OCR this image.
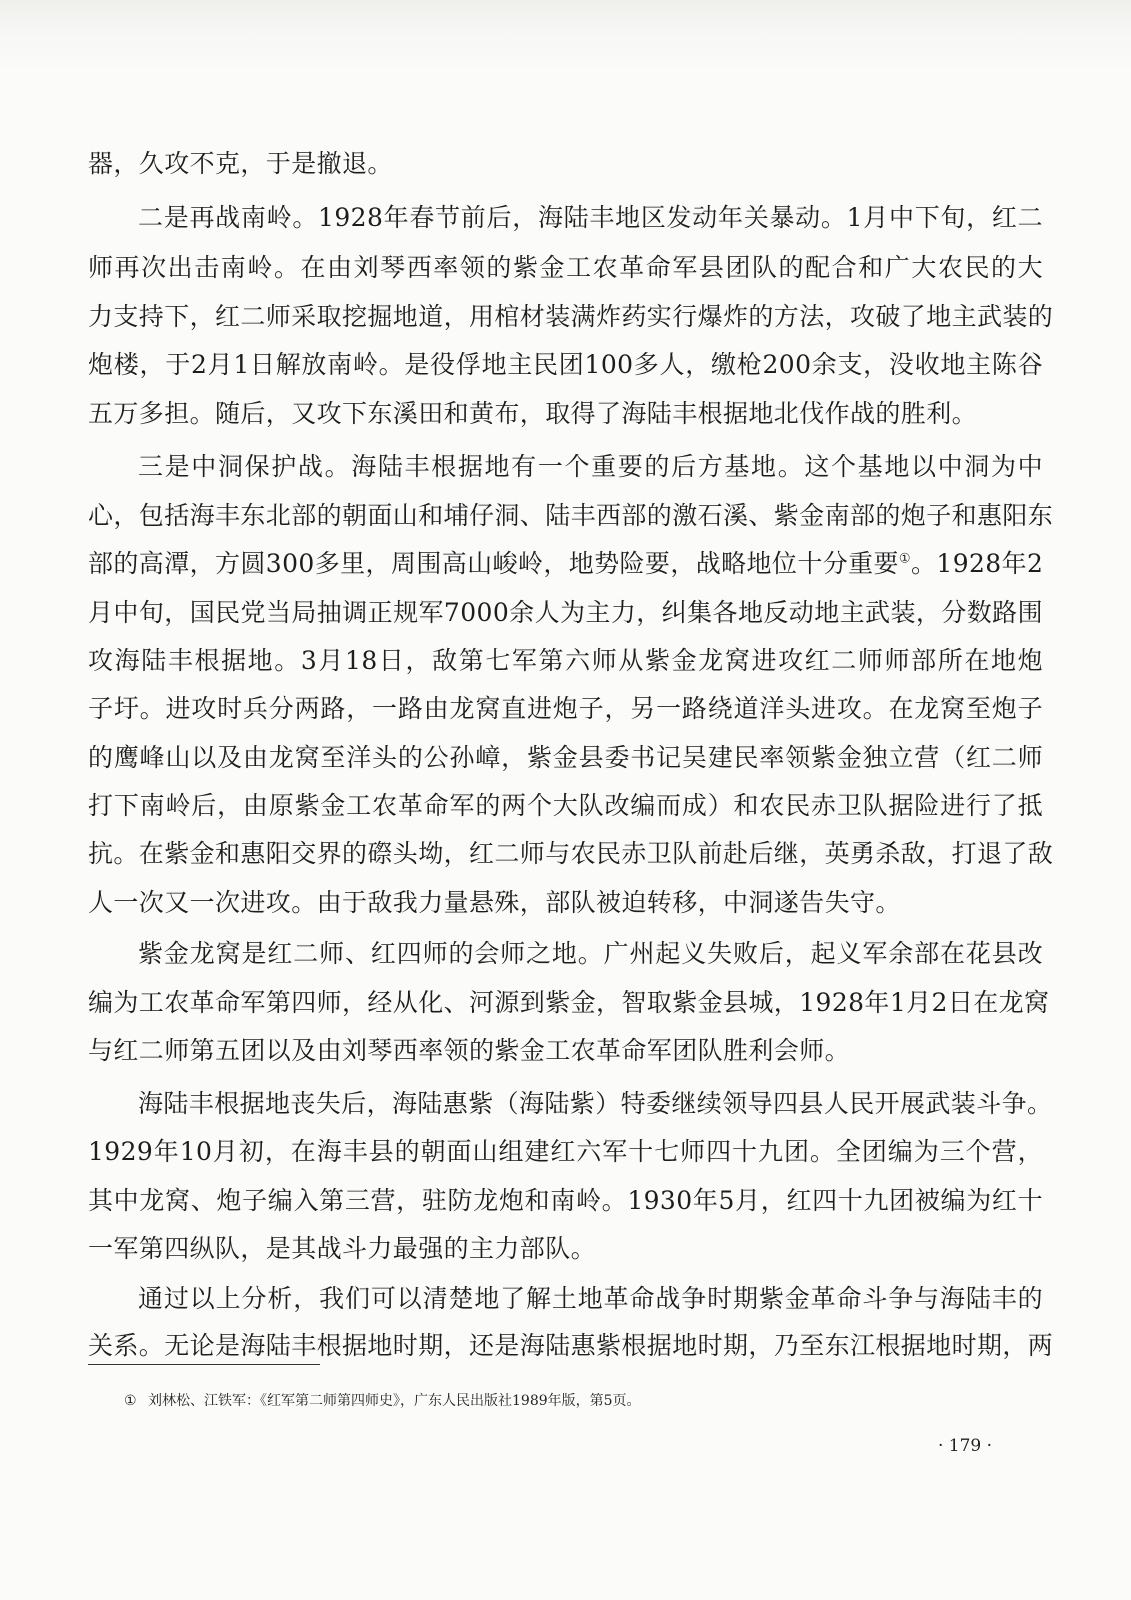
器，久攻不克，于是撤退。
二是再战南岭。1928年春节前后，海陆丰地区发动年关暴动。1月中下旬，红二
师再次出击南岭。在由刘琴西率领的紫金工农革命军县团队的配合和广大农民的大
力支持下，红二师采取挖掘地道，用棺材装满炸药实行爆炸的方法，攻破了地主武装的
炮楼，于2月1日解放南岭。是役俘地主民团100多人，缴枪200余支，没收地主陈谷
五万多担。随后，又攻下东溪田和黄布，取得了海陆丰根据地北伐作战的胜利。
三是中洞保护战。海陆丰根据地有一个重要的后方基地。这个基地以中洞为中
心，包括海丰东北部的朝面山和埔仔洞、陆丰西部的激石溪、紫金南部的炮子和惠阳东
部的高潭，方圆300多里，周围高山峻岭，地势险要，战略地位十分重要①。1928年2
月中旬，国民党当局抽调正规军7000余人为主力，纠集各地反动地主武装，分数路围
攻海陆丰根据地。3月18日，敌第七军第六师从紫金龙窝进攻红二师师部所在地炮
子圩。进攻时兵分两路，一路由龙窝直进炮子，另一路绕道洋头进攻。在龙窝至炮子
的鹰峰山以及由龙窝至洋头的公孙嶂，紫金县委书记吴建民率领紫金独立营（红二师
打下南岭后，由原紫金工农革命军的两个大队改编而成）和农民赤卫队据险进行了抵
抗。在紫金和惠阳交界的磜头坳，红二师与农民赤卫队前赴后继，英勇杀敌，打退了敌
人一次又一次进攻。由于敌我力量悬殊，部队被迫转移，中洞遂告失守。
紫金龙窝是红二师、红四师的会师之地。广州起义失败后，起义军余部在花县改
编为工农革命军第四师，经从化、河源到紫金，智取紫金县城，1928年1月2日在龙窝
与红二师第五团以及由刘琴西率领的紫金工农革命军团队胜利会师。
海陆丰根据地丧失后，海陆惠紫（海陆紫）特委继续领导四县人民开展武装斗争。
1929年10月初，在海丰县的朝面山组建红六军十七师四十九团。全团编为三个营，
其中龙窝、炮子编入第三营，驻防龙炮和南岭。1930年5月，红四十九团被编为红十
一军第四纵队，是其战斗力最强的主力部队。
通过以上分析，我们可以清楚地了解土地革命战争时期紫金革命斗争与海陆丰的
关系。无论是海陆丰根据地时期，还是海陆惠紫根据地时期，乃至东江根据地时期，两
① 刘林松、江铁军：《红军第二师第四师史》，广东人民出版社1989年版，第5页。
· 179 ·
